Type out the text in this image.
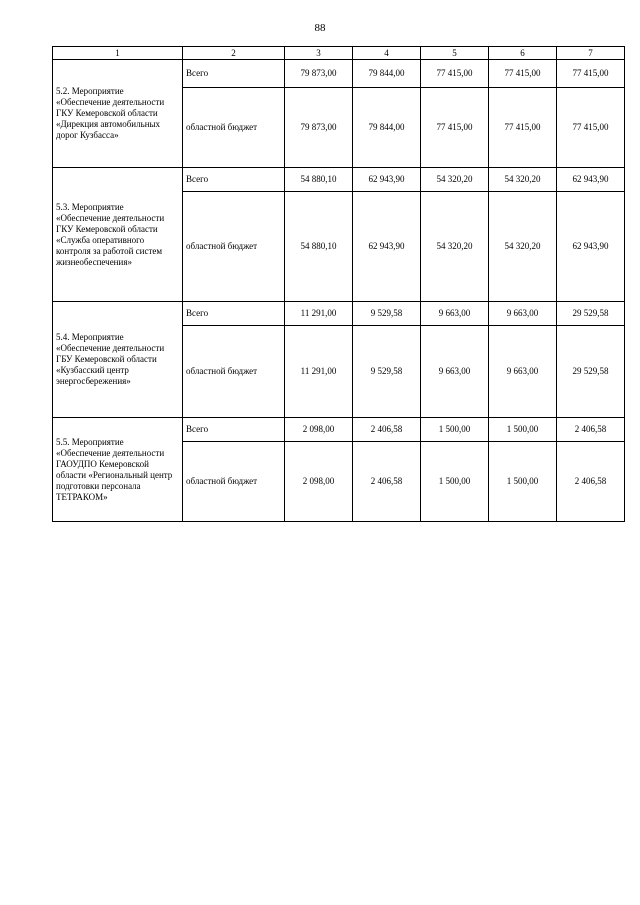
88
1	2	3	4	5	6	7
5.2. Мероприятие «Обеспечение деятельности ГКУ Кемеровской области «Дирекция автомобильных дорог Кузбасса»	Всего	79 873,00	79 844,00	77 415,00	77 415,00	77 415,00
	областной бюджет	79 873,00	79 844,00	77 415,00	77 415,00	77 415,00
5.3. Мероприятие «Обеспечение деятельности ГКУ Кемеровской области «Служба оперативного контроля за работой систем жизнеобеспечения»	Всего	54 880,10	62 943,90	54 320,20	54 320,20	62 943,90
	областной бюджет	54 880,10	62 943,90	54 320,20	54 320,20	62 943,90
5.4. Мероприятие «Обеспечение деятельности ГБУ Кемеровской области «Кузбасский центр энергосбережения»	Всего	11 291,00	9 529,58	9 663,00	9 663,00	29 529,58
	областной бюджет	11 291,00	9 529,58	9 663,00	9 663,00	29 529,58
5.5. Мероприятие «Обеспечение деятельности ГАОУДПО Кемеровской области «Региональный центр подготовки персонала ТЕТРАКОМ»	Всего	2 098,00	2 406,58	1 500,00	1 500,00	2 406,58
	областной бюджет	2 098,00	2 406,58	1 500,00	1 500,00	2 406,58
